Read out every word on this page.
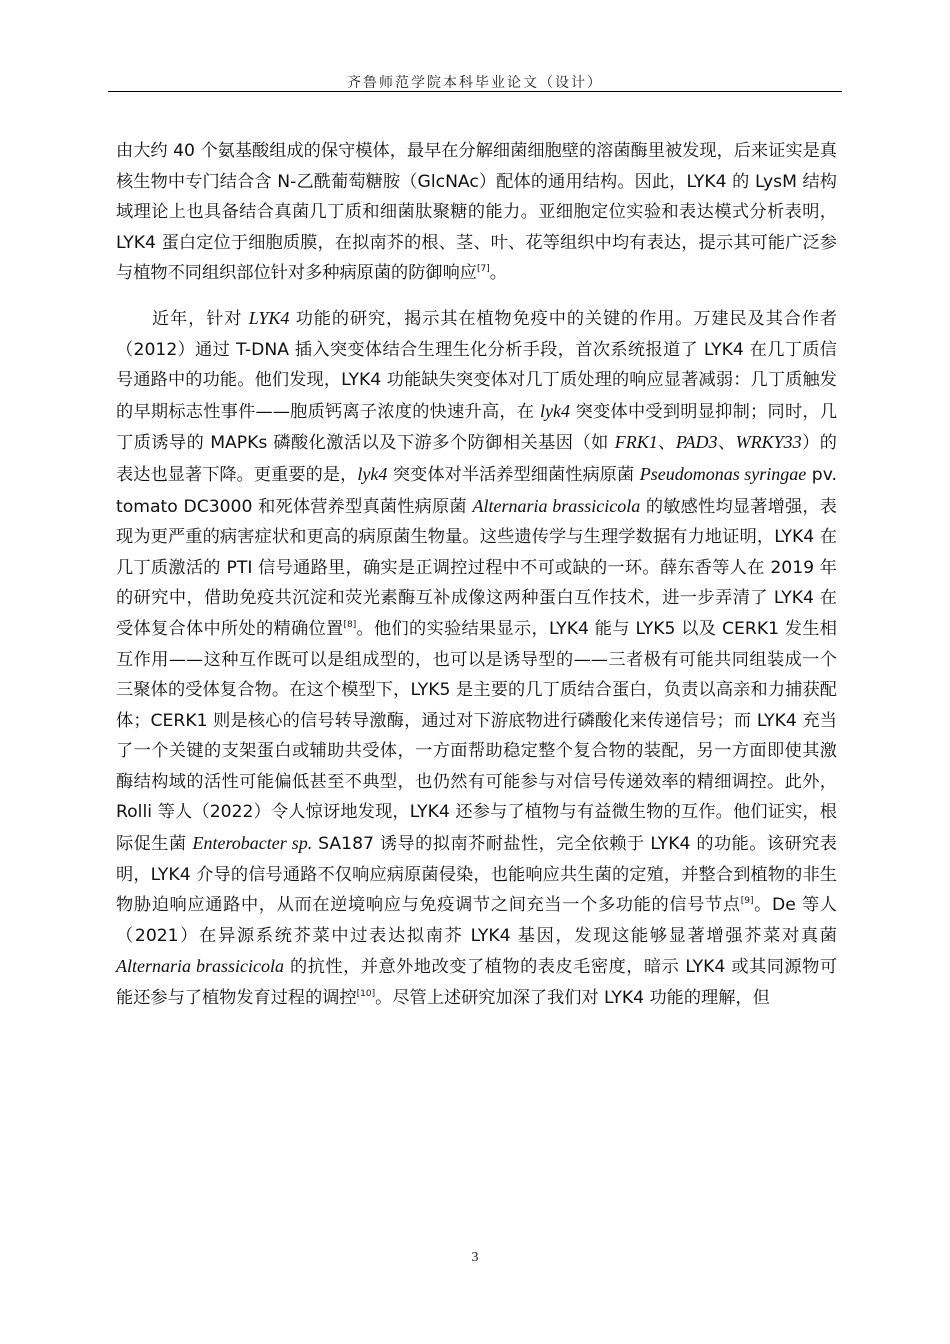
齐鲁师范学院本科毕业论文（设计）

由大约 40 个氨基酸组成的保守模体，最早在分解细菌细胞壁的溶菌酶里被发现，后来证实是真核生物中专门结合含 N-乙酰葡萄糖胺（GlcNAc）配体的通用结构。因此，LYK4 的 LysM 结构域理论上也具备结合真菌几丁质和细菌肽聚糖的能力。亚细胞定位实验和表达模式分析表明，LYK4 蛋白定位于细胞质膜，在拟南芥的根、茎、叶、花等组织中均有表达，提示其可能广泛参与植物不同组织部位针对多种病原菌的防御响应[7]。

近年，针对 LYK4 功能的研究，揭示其在植物免疫中的关键的作用。万建民及其合作者（2012）通过 T-DNA 插入突变体结合生理生化分析手段，首次系统报道了 LYK4 在几丁质信号通路中的功能。他们发现，LYK4 功能缺失突变体对几丁质处理的响应显著减弱：几丁质触发的早期标志性事件——胞质钙离子浓度的快速升高，在 lyk4 突变体中受到明显抑制；同时，几丁质诱导的 MAPKs 磷酸化激活以及下游多个防御相关基因（如 FRK1、PAD3、WRKY33）的表达也显著下降。更重要的是，lyk4 突变体对半活养型细菌性病原菌 Pseudomonas syringae pv. tomato DC3000 和死体营养型真菌性病原菌 Alternaria brassicicola 的敏感性均显著增强，表现为更严重的病害症状和更高的病原菌生物量。这些遗传学与生理学数据有力地证明，LYK4 在几丁质激活的 PTI 信号通路里，确实是正调控过程中不可或缺的一环。薛东香等人在 2019 年的研究中，借助免疫共沉淀和荧光素酶互补成像这两种蛋白互作技术，进一步弄清了 LYK4 在受体复合体中所处的精确位置[8]。他们的实验结果显示，LYK4 能与 LYK5 以及 CERK1 发生相互作用——这种互作既可以是组成型的，也可以是诱导型的——三者极有可能共同组装成一个三聚体的受体复合物。在这个模型下，LYK5 是主要的几丁质结合蛋白，负责以高亲和力捕获配体；CERK1 则是核心的信号转导激酶，通过对下游底物进行磷酸化来传递信号；而 LYK4 充当了一个关键的支架蛋白或辅助共受体，一方面帮助稳定整个复合物的装配，另一方面即使其激酶结构域的活性可能偏低甚至不典型，也仍然有可能参与对信号传递效率的精细调控。此外，Rolli 等人（2022）令人惊讶地发现，LYK4 还参与了植物与有益微生物的互作。他们证实，根际促生菌 Enterobacter sp. SA187 诱导的拟南芥耐盐性，完全依赖于 LYK4 的功能。该研究表明，LYK4 介导的信号通路不仅响应病原菌侵染，也能响应共生菌的定殖，并整合到植物的非生物胁迫响应通路中，从而在逆境响应与免疫调节之间充当一个多功能的信号节点[9]。De 等人（2021）在异源系统芥菜中过表达拟南芥 LYK4 基因，发现这能够显著增强芥菜对真菌 Alternaria brassicicola 的抗性，并意外地改变了植物的表皮毛密度，暗示 LYK4 或其同源物可能还参与了植物发育过程的调控[10]。尽管上述研究加深了我们对 LYK4 功能的理解，但

3
